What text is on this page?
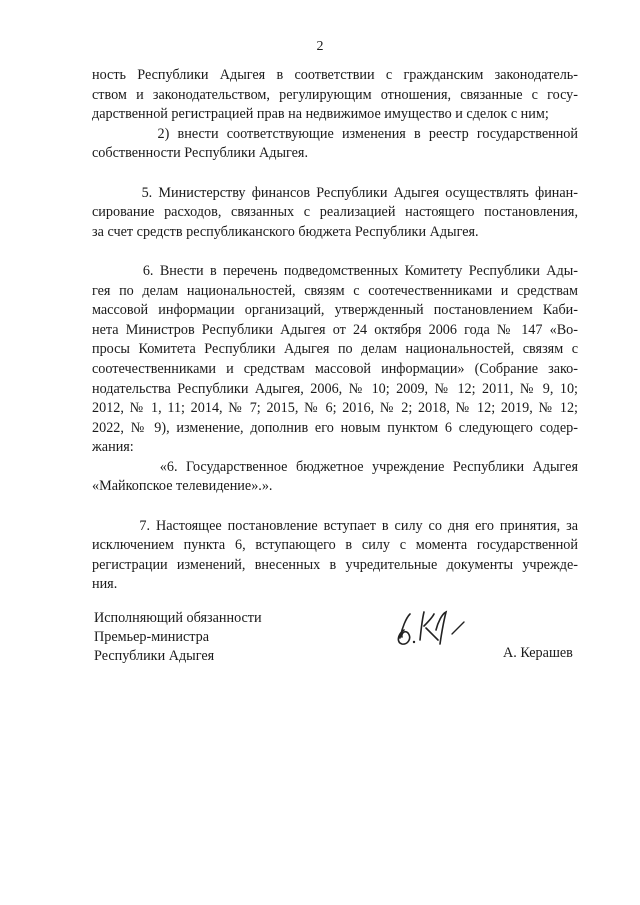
2
ность Республики Адыгея в соответствии с гражданским законодатель-
ством и законодательством, регулирующим отношения, связанные с госу-
дарственной регистрацией прав на недвижимое имущество и сделок с ним;
2) внести соответствующие изменения в реестр государственной
собственности Республики Адыгея.
5. Министерству финансов Республики Адыгея осуществлять финан-
сирование расходов, связанных с реализацией настоящего постановления,
за счет средств республиканского бюджета Республики Адыгея.
6. Внести в перечень подведомственных Комитету Республики Ады-
гея по делам национальностей, связям с соотечественниками и средствам
массовой информации организаций, утвержденный постановлением Каби-
нета Министров Республики Адыгея от 24 октября 2006 года № 147 «Во-
просы Комитета Республики Адыгея по делам национальностей, связям с
соотечественниками и средствам массовой информации» (Собрание зако-
нодательства Республики Адыгея, 2006, № 10; 2009, № 12; 2011, № 9, 10;
2012, № 1, 11; 2014, № 7; 2015, № 6; 2016, № 2; 2018, № 12; 2019, № 12;
2022, № 9), изменение, дополнив его новым пунктом 6 следующего содер-
жания:
«6. Государственное бюджетное учреждение Республики Адыгея
«Майкопское телевидение».».
7. Настоящее постановление вступает в силу со дня его принятия, за
исключением пункта 6, вступающего в силу с момента государственной
регистрации изменений, внесенных в учредительные документы учрежде-
ния.
Исполняющий обязанности
Премьер-министра
Республики Адыгея	А. Керашев
